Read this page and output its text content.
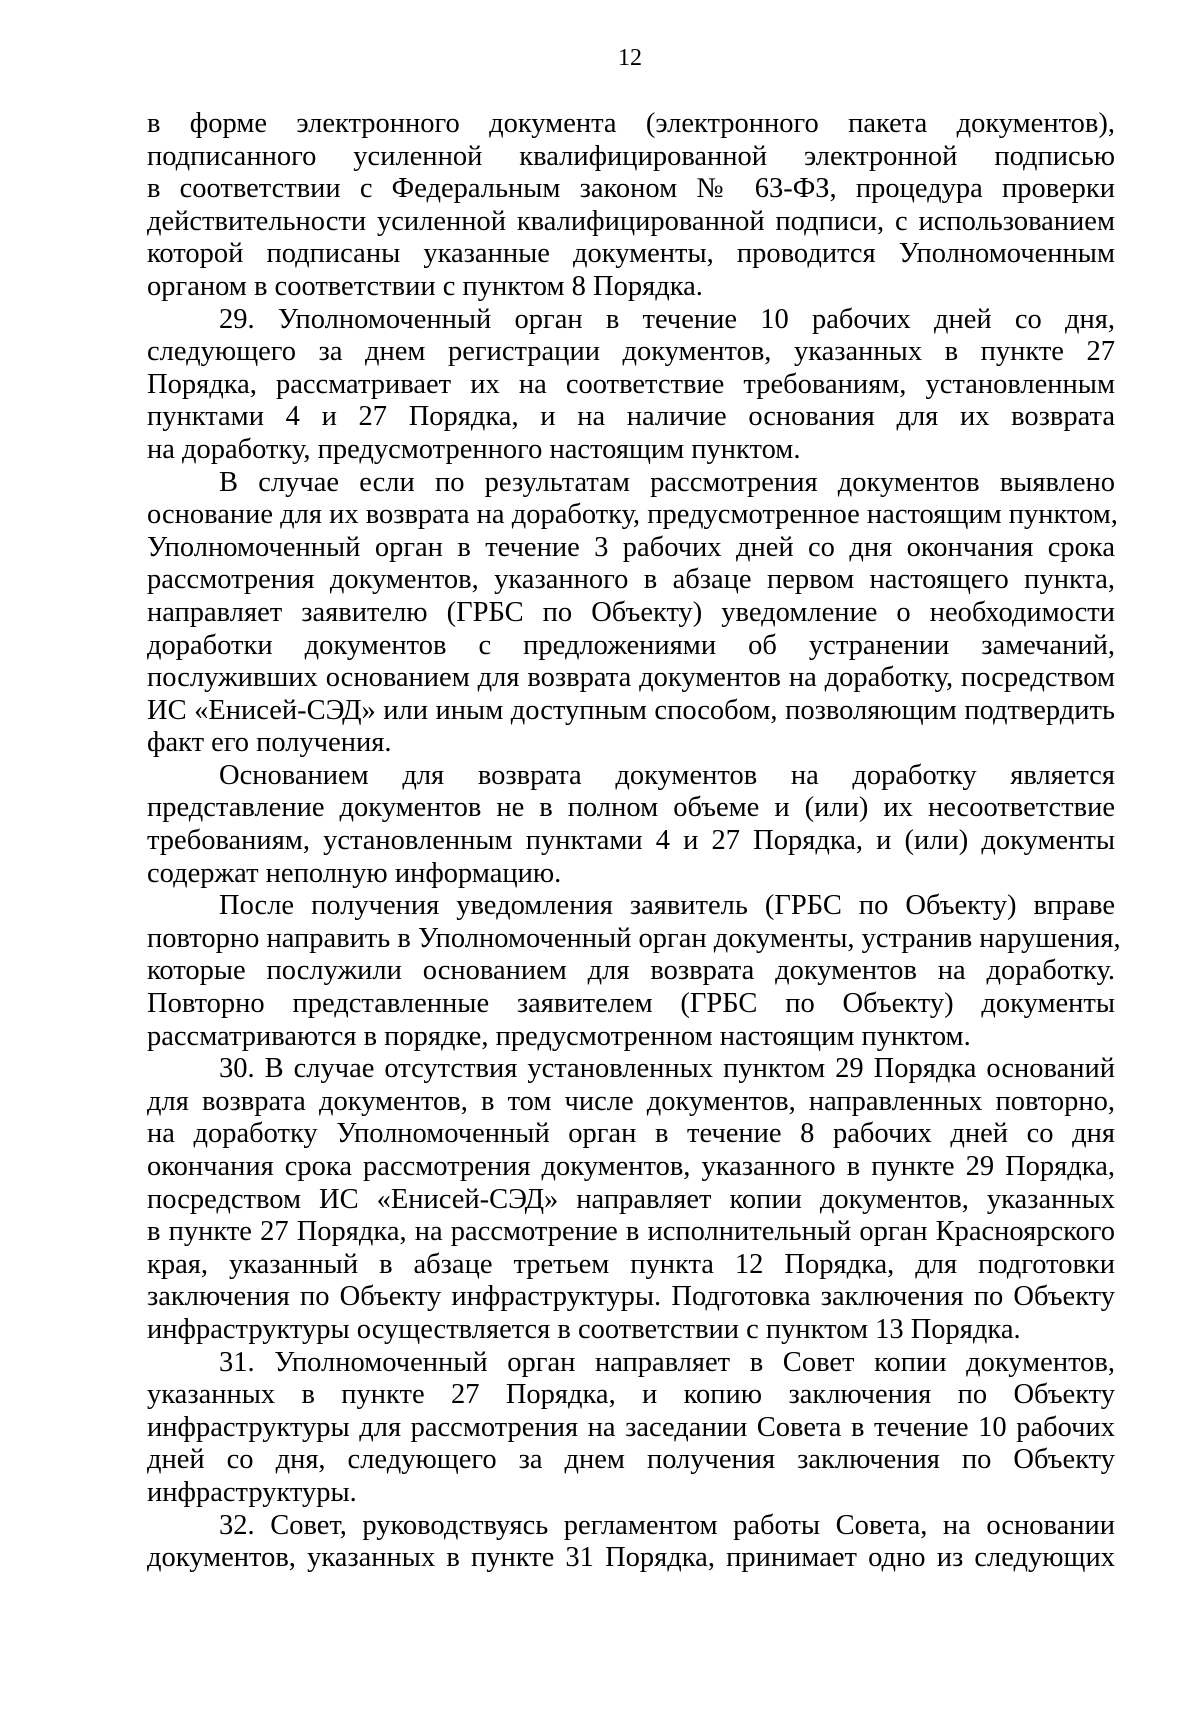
12
в форме электронного документа (электронного пакета документов),
подписанного усиленной квалифицированной электронной подписью
в соответствии с Федеральным законом № 63-ФЗ, процедура проверки
действительности усиленной квалифицированной подписи, с использованием
которой подписаны указанные документы, проводится Уполномоченным
органом в соответствии с пунктом 8 Порядка.
29. Уполномоченный орган в течение 10 рабочих дней со дня,
следующего за днем регистрации документов, указанных в пункте 27
Порядка, рассматривает их на соответствие требованиям, установленным
пунктами 4 и 27 Порядка, и на наличие основания для их возврата
на доработку, предусмотренного настоящим пунктом.
В случае если по результатам рассмотрения документов выявлено
основание для их возврата на доработку, предусмотренное настоящим пунктом,
Уполномоченный орган в течение 3 рабочих дней со дня окончания срока
рассмотрения документов, указанного в абзаце первом настоящего пункта,
направляет заявителю (ГРБС по Объекту) уведомление о необходимости
доработки документов с предложениями об устранении замечаний,
послуживших основанием для возврата документов на доработку, посредством
ИС «Енисей-СЭД» или иным доступным способом, позволяющим подтвердить
факт его получения.
Основанием для возврата документов на доработку является
представление документов не в полном объеме и (или) их несоответствие
требованиям, установленным пунктами 4 и 27 Порядка, и (или) документы
содержат неполную информацию.
После получения уведомления заявитель (ГРБС по Объекту) вправе
повторно направить в Уполномоченный орган документы, устранив нарушения,
которые послужили основанием для возврата документов на доработку.
Повторно представленные заявителем (ГРБС по Объекту) документы
рассматриваются в порядке, предусмотренном настоящим пунктом.
30. В случае отсутствия установленных пунктом 29 Порядка оснований
для возврата документов, в том числе документов, направленных повторно,
на доработку Уполномоченный орган в течение 8 рабочих дней со дня
окончания срока рассмотрения документов, указанного в пункте 29 Порядка,
посредством ИС «Енисей-СЭД» направляет копии документов, указанных
в пункте 27 Порядка, на рассмотрение в исполнительный орган Красноярского
края, указанный в абзаце третьем пункта 12 Порядка, для подготовки
заключения по Объекту инфраструктуры. Подготовка заключения по Объекту
инфраструктуры осуществляется в соответствии с пунктом 13 Порядка.
31. Уполномоченный орган направляет в Совет копии документов,
указанных в пункте 27 Порядка, и копию заключения по Объекту
инфраструктуры для рассмотрения на заседании Совета в течение 10 рабочих
дней со дня, следующего за днем получения заключения по Объекту
инфраструктуры.
32. Совет, руководствуясь регламентом работы Совета, на основании
документов, указанных в пункте 31 Порядка, принимает одно из следующих
